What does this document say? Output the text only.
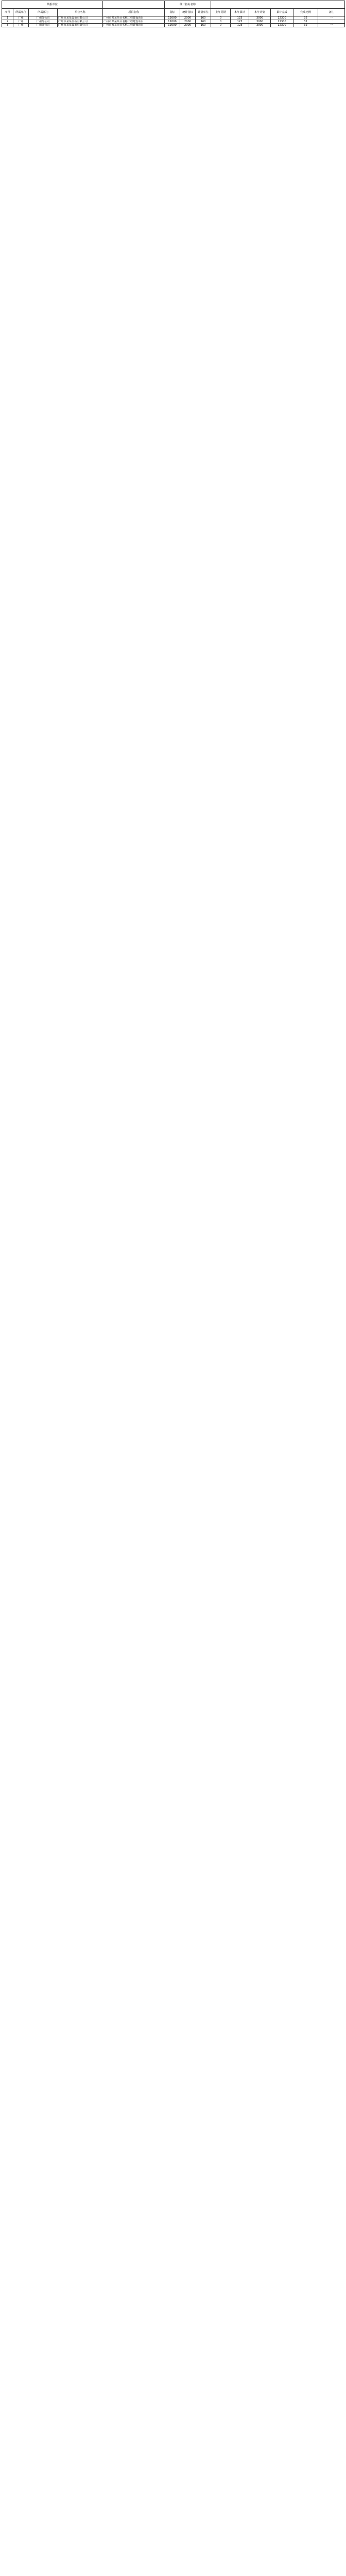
填报单位					统计指标名称								
序号	所属单位	所属部门	单位名称	项目名称	指标	统计指标	计量单位	上年同期	本年累计	本年计划	累计完成	完成比例	备注
1	广州	广州分公司	广州市某某设备有限公司	广州市某某项目名称工程建设项目	12000	2000	160	0	123	3000	12300	32	一
2	广州	广州分公司	广州市某某设备有限公司	广州市某某项目名称工程建设项目	12000	2000	160	0	123	3000	12300	32	一
3	广州	广州分公司	广州市某某设备有限公司	广州市某某项目名称工程建设项目	12000	2000	160	0	123	3000	12300	32	一
